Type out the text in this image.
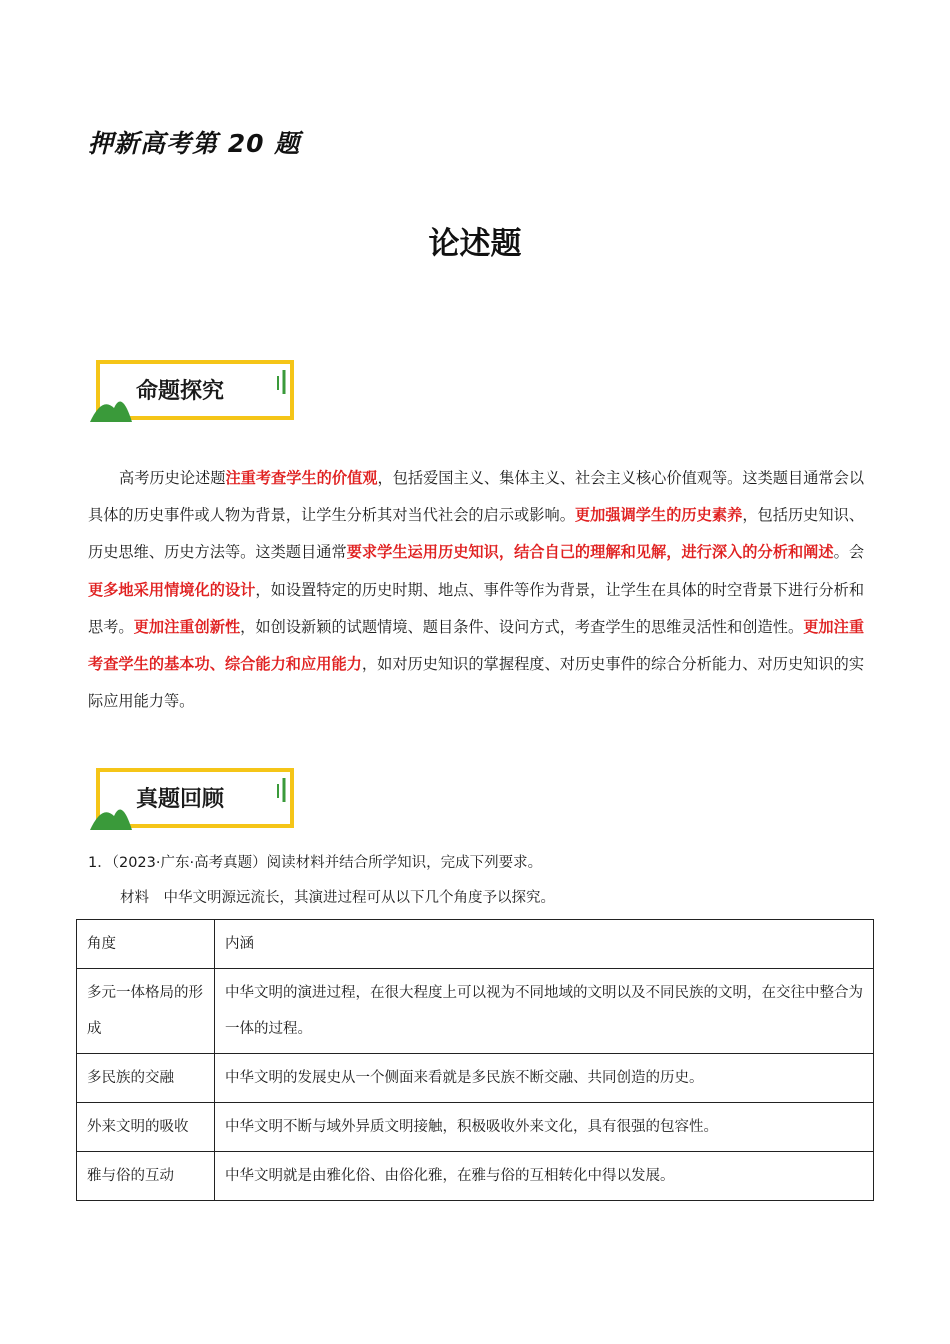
押新高考第 20 题
论述题
命题探究

高考历史论述题注重考查学生的价值观，包括爱国主义、集体主义、社会主义核心价值观等。这类题目通常会以具体的历史事件或人物为背景，让学生分析其对当代社会的启示或影响。更加强调学生的历史素养，包括历史知识、历史思维、历史方法等。这类题目通常要求学生运用历史知识，结合自己的理解和见解，进行深入的分析和阐述。会更多地采用情境化的设计，如设置特定的历史时期、地点、事件等作为背景，让学生在具体的时空背景下进行分析和思考。更加注重创新性，如创设新颖的试题情境、题目条件、设问方式，考查学生的思维灵活性和创造性。更加注重考查学生的基本功、综合能力和应用能力，如对历史知识的掌握程度、对历史事件的综合分析能力、对历史知识的实际应用能力等。

真题回顾
1．（2023·广东·高考真题）阅读材料并结合所学知识，完成下列要求。
材料　中华文明源远流长，其演进过程可从以下几个角度予以探究。
角度	内涵
多元一体格局的形成	中华文明的演进过程，在很大程度上可以视为不同地域的文明以及不同民族的文明，在交往中整合为一体的过程。
多民族的交融	中华文明的发展史从一个侧面来看就是多民族不断交融、共同创造的历史。
外来文明的吸收	中华文明不断与域外异质文明接触，积极吸收外来文化，具有很强的包容性。
雅与俗的互动	中华文明就是由雅化俗、由俗化雅，在雅与俗的互相转化中得以发展。
